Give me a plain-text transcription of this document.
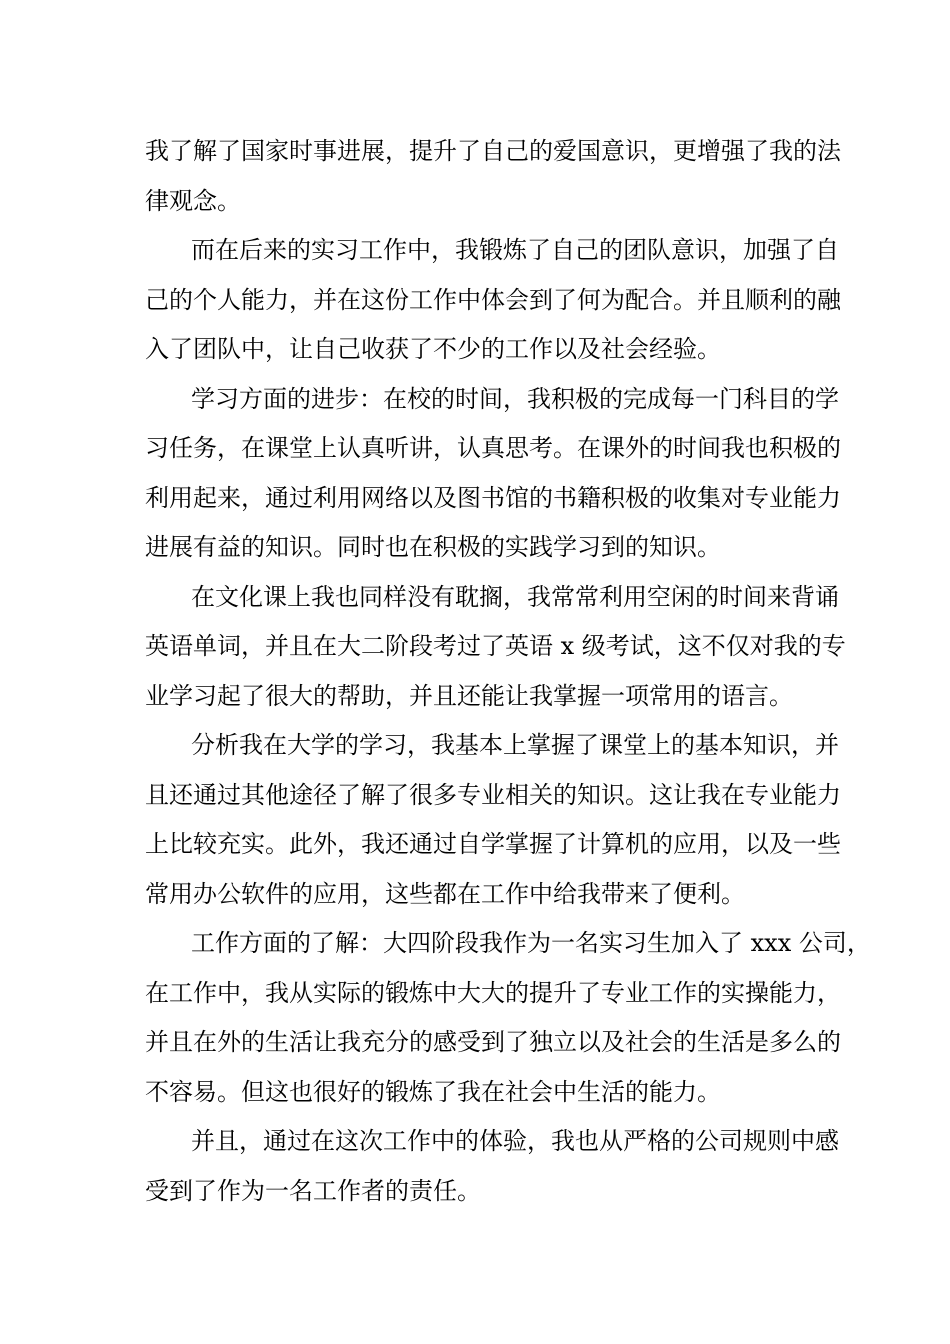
我了解了国家时事进展，提升了自己的爱国意识，更增强了我的法
律观念。
而在后来的实习工作中，我锻炼了自己的团队意识，加强了自
己的个人能力，并在这份工作中体会到了何为配合。并且顺利的融
入了团队中，让自己收获了不少的工作以及社会经验。
学习方面的进步：在校的时间，我积极的完成每一门科目的学
习任务，在课堂上认真听讲，认真思考。在课外的时间我也积极的
利用起来，通过利用网络以及图书馆的书籍积极的收集对专业能力
进展有益的知识。同时也在积极的实践学习到的知识。
在文化课上我也同样没有耽搁，我常常利用空闲的时间来背诵
英语单词，并且在大二阶段考过了英语 x 级考试，这不仅对我的专
业学习起了很大的帮助，并且还能让我掌握一项常用的语言。
分析我在大学的学习，我基本上掌握了课堂上的基本知识，并
且还通过其他途径了解了很多专业相关的知识。这让我在专业能力
上比较充实。此外，我还通过自学掌握了计算机的应用，以及一些
常用办公软件的应用，这些都在工作中给我带来了便利。
工作方面的了解：大四阶段我作为一名实习生加入了 xxx 公司，
在工作中，我从实际的锻炼中大大的提升了专业工作的实操能力，
并且在外的生活让我充分的感受到了独立以及社会的生活是多么的
不容易。但这也很好的锻炼了我在社会中生活的能力。
并且，通过在这次工作中的体验，我也从严格的公司规则中感
受到了作为一名工作者的责任。
